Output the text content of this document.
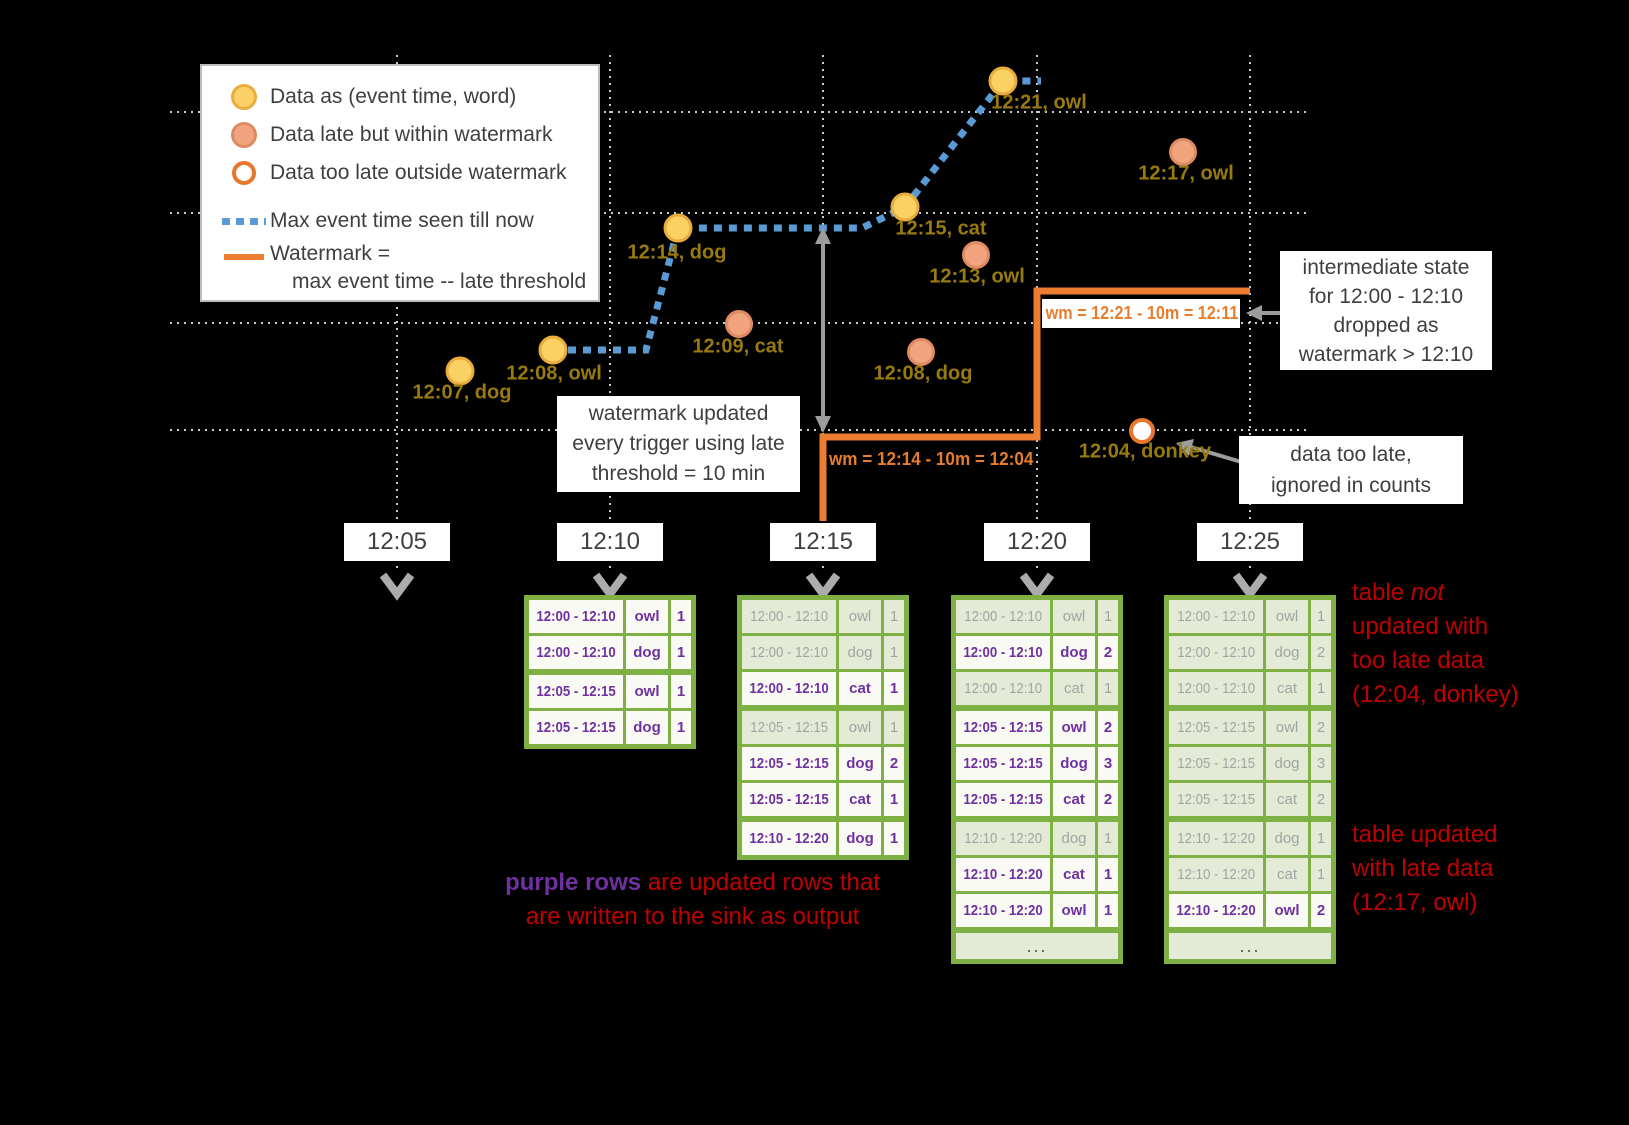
Data as (event time, word)
Data late but within watermark
Data too late outside watermark
Max event time seen till now
Watermark =
max event time -- late threshold
12:07, dog
12:08, owl
12:14, dog
12:09, cat
12:15, cat
12:13, owl
12:08, dog
12:21, owl
12:17, owl
12:04, donkey
12:05	12:10	12:15	12:20	12:25
wm = 12:14 - 10m = 12:04
wm = 12:21 - 10m = 12:11
watermark updated
every trigger using late
threshold = 10 min
intermediate state
for 12:00 - 12:10
dropped as
watermark > 12:10
data too late,
ignored in counts
12:00 - 12:10	owl	1
12:00 - 12:10	dog	1
12:05 - 12:15	owl	1
12:05 - 12:15	dog	1
12:00 - 12:10	owl	1
12:00 - 12:10	dog	1
12:00 - 12:10	cat	1
12:05 - 12:15	owl	1
12:05 - 12:15	dog	2
12:05 - 12:15	cat	1
12:10 - 12:20	dog	1
12:00 - 12:10	owl	1
12:00 - 12:10	dog	2
12:00 - 12:10	cat	1
12:05 - 12:15	owl	2
12:05 - 12:15	dog	3
12:05 - 12:15	cat	2
12:10 - 12:20	dog	1
12:10 - 12:20	cat	1
12:10 - 12:20	owl	1
...
12:00 - 12:10	owl	1
12:00 - 12:10	dog	2
12:00 - 12:10	cat	1
12:05 - 12:15	owl	2
12:05 - 12:15	dog	3
12:05 - 12:15	cat	2
12:10 - 12:20	dog	1
12:10 - 12:20	cat	1
12:10 - 12:20	owl	2
...
table not
updated with
too late data
(12:04, donkey)
table updated
with late data
(12:17, owl)
purple rows are updated rows that
are written to the sink as output
